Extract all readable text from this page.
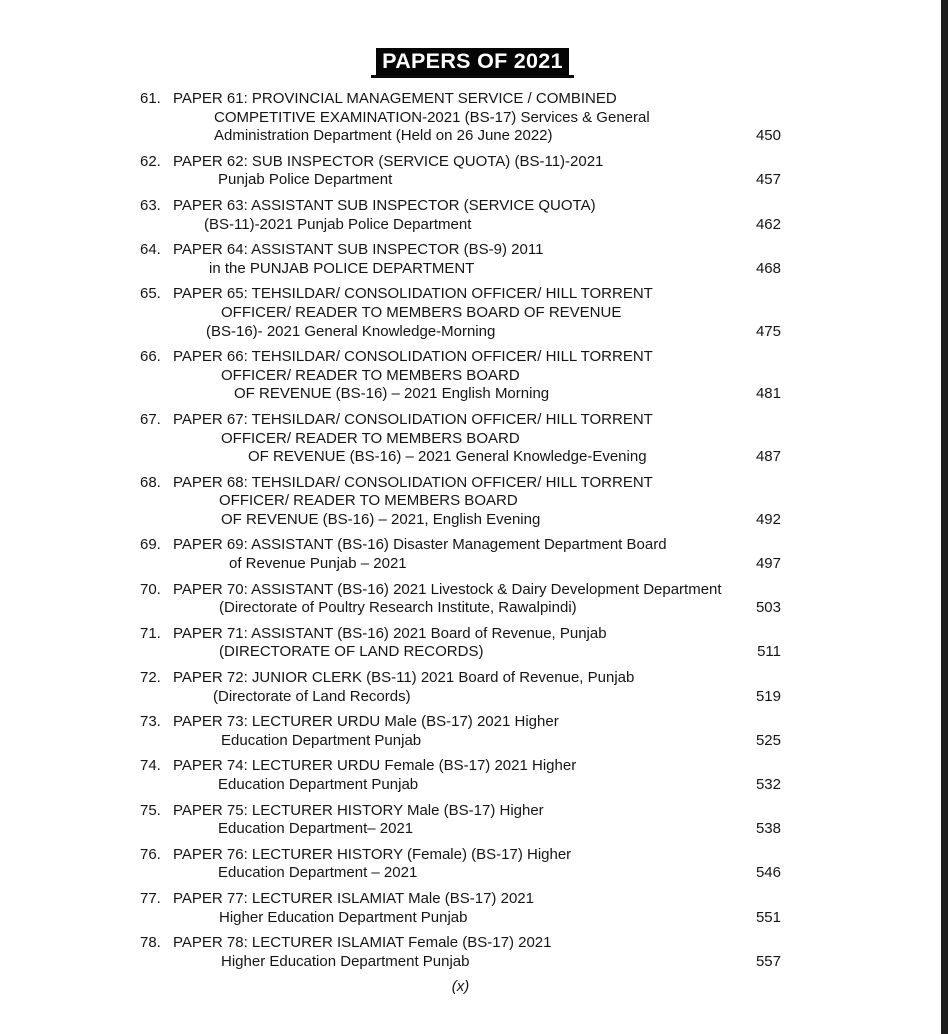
PAPERS OF 2021
61. PAPER 61: PROVINCIAL MANAGEMENT SERVICE / COMBINED
COMPETITIVE EXAMINATION-2021 (BS-17) Services & General
Administration Department (Held on 26 June 2022)	450
62. PAPER 62: SUB INSPECTOR (SERVICE QUOTA) (BS-11)-2021
Punjab Police Department	457
63. PAPER 63: ASSISTANT SUB INSPECTOR (SERVICE QUOTA)
(BS-11)-2021 Punjab Police Department	462
64. PAPER 64: ASSISTANT SUB INSPECTOR (BS-9) 2011
in the PUNJAB POLICE DEPARTMENT	468
65. PAPER 65: TEHSILDAR/ CONSOLIDATION OFFICER/ HILL TORRENT
OFFICER/ READER TO MEMBERS BOARD OF REVENUE
(BS-16)- 2021 General Knowledge-Morning	475
66. PAPER 66: TEHSILDAR/ CONSOLIDATION OFFICER/ HILL TORRENT
OFFICER/ READER TO MEMBERS BOARD
OF REVENUE (BS-16) – 2021 English Morning	481
67. PAPER 67: TEHSILDAR/ CONSOLIDATION OFFICER/ HILL TORRENT
OFFICER/ READER TO MEMBERS BOARD
OF REVENUE (BS-16) – 2021 General Knowledge-Evening	487
68. PAPER 68: TEHSILDAR/ CONSOLIDATION OFFICER/ HILL TORRENT
OFFICER/ READER TO MEMBERS BOARD
OF REVENUE (BS-16) – 2021, English Evening	492
69. PAPER 69: ASSISTANT (BS-16) Disaster Management Department Board
of Revenue Punjab – 2021	497
70. PAPER 70: ASSISTANT (BS-16) 2021 Livestock & Dairy Development Department
(Directorate of Poultry Research Institute, Rawalpindi)	503
71. PAPER 71: ASSISTANT (BS-16) 2021 Board of Revenue, Punjab
(DIRECTORATE OF LAND RECORDS)	511
72. PAPER 72: JUNIOR CLERK (BS-11) 2021 Board of Revenue, Punjab
(Directorate of Land Records)	519
73. PAPER 73: LECTURER URDU Male (BS-17) 2021 Higher
Education Department Punjab	525
74. PAPER 74: LECTURER URDU Female (BS-17) 2021 Higher
Education Department Punjab	532
75. PAPER 75: LECTURER HISTORY Male (BS-17) Higher
Education Department– 2021	538
76. PAPER 76: LECTURER HISTORY (Female) (BS-17) Higher
Education Department – 2021	546
77. PAPER 77: LECTURER ISLAMIAT Male (BS-17) 2021
Higher Education Department Punjab	551
78. PAPER 78: LECTURER ISLAMIAT Female (BS-17) 2021
Higher Education Department Punjab	557
(x)
